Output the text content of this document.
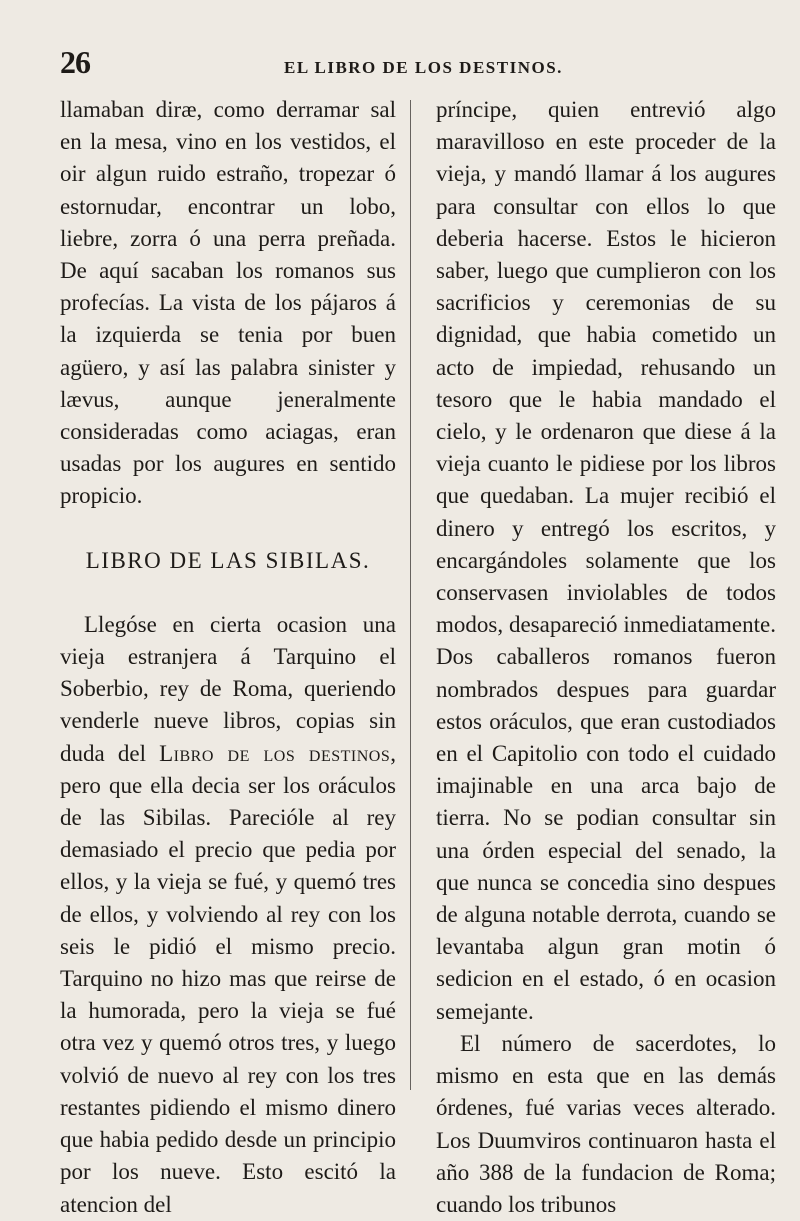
26	EL LIBRO DE LOS DESTINOS.

llamaban diræ, como derramar sal en la mesa, vino en los vestidos, el oir algun ruido estraño, tropezar ó estornudar, encontrar un lobo, liebre, zorra ó una perra preñada. De aquí sacaban los romanos sus profecías. La vista de los pájaros á la izquierda se tenia por buen agüero, y así las palabra sinister y lævus, aunque jeneralmente consideradas como aciagas, eran usadas por los augures en sentido propicio.

LIBRO DE LAS SIBILAS.

Llegóse en cierta ocasion una vieja estranjera á Tarquino el Soberbio, rey de Roma, queriendo venderle nueve libros, copias sin duda del Libro de los destinos, pero que ella decia ser los oráculos de las Sibilas. Parecióle al rey demasiado el precio que pedia por ellos, y la vieja se fué, y quemó tres de ellos, y volviendo al rey con los seis le pidió el mismo precio. Tarquino no hizo mas que reirse de la humorada, pero la vieja se fué otra vez y quemó otros tres, y luego volvió de nuevo al rey con los tres restantes pidiendo el mismo dinero que habia pedido desde un principio por los nueve. Esto escitó la atencion del

príncipe, quien entrevió algo maravilloso en este proceder de la vieja, y mandó llamar á los augures para consultar con ellos lo que deberia hacerse. Estos le hicieron saber, luego que cumplieron con los sacrificios y ceremonias de su dignidad, que habia cometido un acto de impiedad, rehusando un tesoro que le habia mandado el cielo, y le ordenaron que diese á la vieja cuanto le pidiese por los libros que quedaban. La mujer recibió el dinero y entregó los escritos, y encargándoles solamente que los conservasen inviolables de todos modos, desapareció inmediatamente. Dos caballeros romanos fueron nombrados despues para guardar estos oráculos, que eran custodiados en el Capitolio con todo el cuidado imajinable en una arca bajo de tierra. No se podian consultar sin una órden especial del senado, la que nunca se concedia sino despues de alguna notable derrota, cuando se levantaba algun gran motin ó sedicion en el estado, ó en ocasion semejante.

El número de sacerdotes, lo mismo en esta que en las demás órdenes, fué varias veces alterado. Los Duumviros continuaron hasta el año 388 de la fundacion de Roma; cuando los tribunos
